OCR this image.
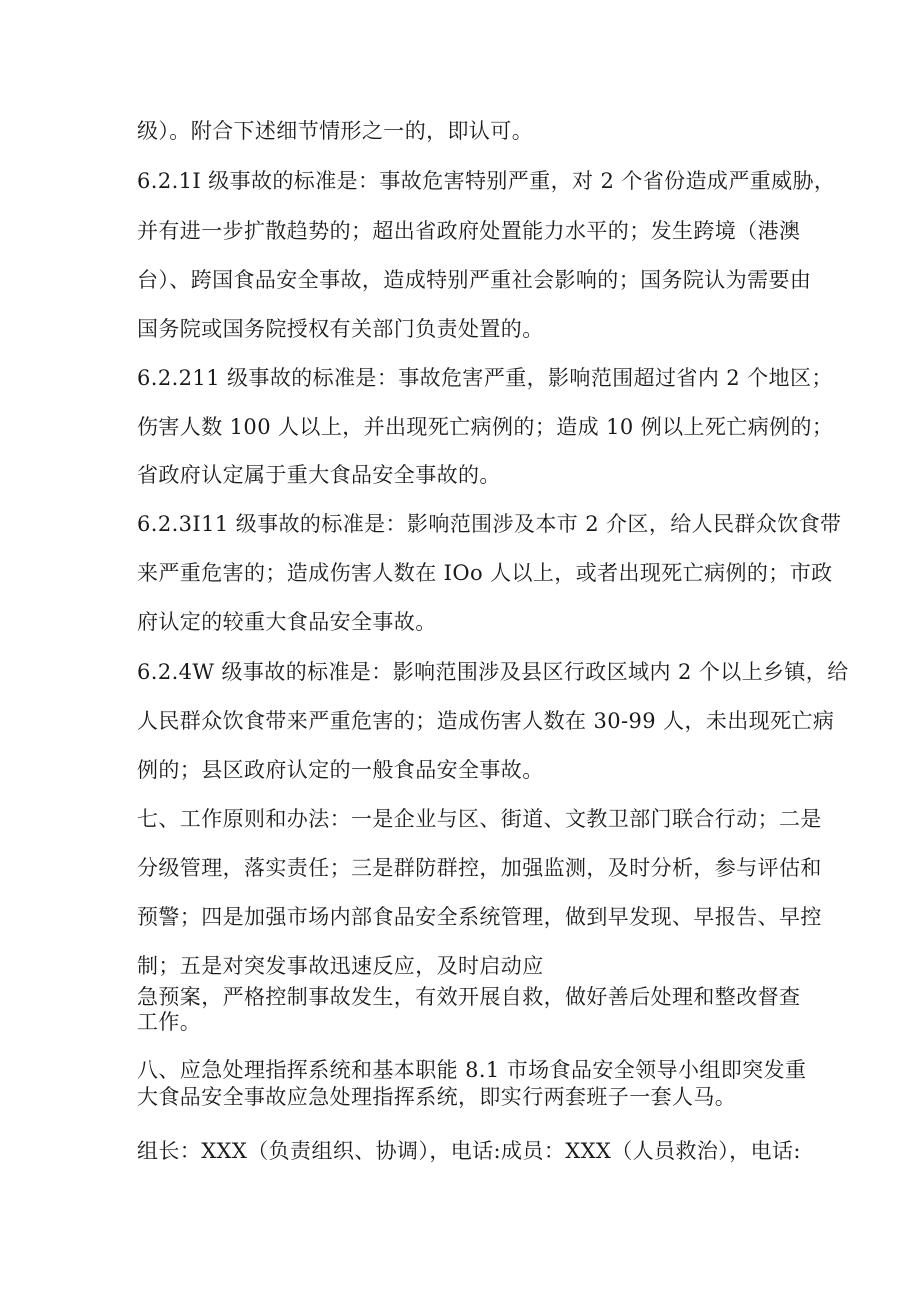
级）。附合下述细节情形之一的，即认可。
6.2.1I 级事故的标准是：事故危害特别严重，对 2 个省份造成严重威胁，
并有进一步扩散趋势的；超出省政府处置能力水平的；发生跨境（港澳
台）、跨国食品安全事故，造成特别严重社会影响的；国务院认为需要由
国务院或国务院授权有关部门负责处置的。
6.2.211 级事故的标准是：事故危害严重，影响范围超过省内 2 个地区；
伤害人数 100 人以上，并出现死亡病例的；造成 10 例以上死亡病例的；
省政府认定属于重大食品安全事故的。
6.2.3I11 级事故的标准是：影响范围涉及本市 2 介区，给人民群众饮食带
来严重危害的；造成伤害人数在 IOo 人以上，或者出现死亡病例的；市政
府认定的较重大食品安全事故。
6.2.4W 级事故的标准是：影响范围涉及县区行政区域内 2 个以上乡镇，给
人民群众饮食带来严重危害的；造成伤害人数在 30-99 人，未出现死亡病
例的；县区政府认定的一般食品安全事故。
七、工作原则和办法：一是企业与区、街道、文教卫部门联合行动；二是
分级管理，落实责任；三是群防群控，加强监测，及时分析，参与评估和
预警；四是加强市场内部食品安全系统管理，做到早发现、早报告、早控
制；五是对突发事故迅速反应，及时启动应
急预案，严格控制事故发生，有效开展自救，做好善后处理和整改督查
工作。
八、应急处理指挥系统和基本职能 8.1 市场食品安全领导小组即突发重
大食品安全事故应急处理指挥系统，即实行两套班子一套人马。
组长：XXX（负责组织、协调），电话:成员：XXX（人员救治），电话:
